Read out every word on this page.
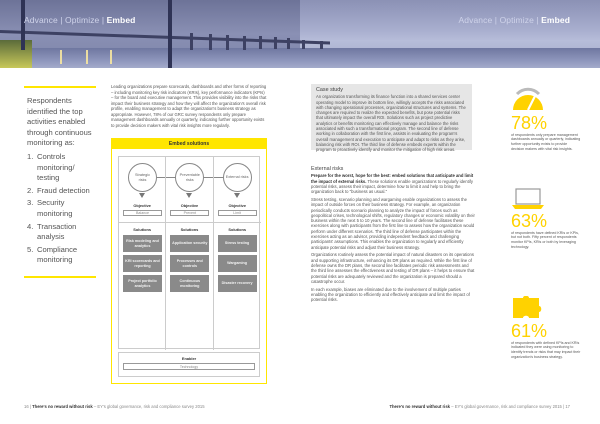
Advance | Optimize | Embed	Advance | Optimize | Embed
Respondents identified the top activities enabled through continuous monitoring as:
1. Controls monitoring/ testing
2. Fraud detection
3. Security monitoring
4. Transaction analysis
5. Compliance monitoring
Leading organizations prepare scorecards, dashboards and other forms of reporting – including monitoring key risk indicators (KRIs), key performance indicators (KPIs) – for the board and executive management. This provides visibility into the risks that impact their business strategy and how they will affect the organization's overall risk profile, enabling management to adapt the organization's business strategy as appropriate. However, 78% of our GRC survey respondents only prepare management dashboards annually or quarterly, indicating further opportunity exists to provide decision makers with vital risk insights more regularly.
Embed solutions
Strategic risks
Objective
Balance
Solutions
Risk modeling and analytics
KRI scorecards and reporting
Project portfolio analytics
Preventable risks
Objective
Prevent
Solutions
Application security
Processes and controls
Continuous monitoring
External risks
Objective
Limit
Solutions
Stress testing
Wargaming
Disaster recovery
Enabler
Technology
Case study
An organization transforming its finance function into a shared services center operating model to improve its bottom line, willingly accepts the risks associated with changing operational processes, organizational structures and systems. The changes are required to realize the expected benefits, but pose potential risks that ultimately impact the overall ROI. Solutions such as project predictive analytics or benefits monitoring can effectively manage and balance the risks associated with such a transformational program. The second line of defense working in collaboration with the first line, assists in evaluating the program's overall management and execution to anticipate and adapt to risks as they arise, balancing risk with ROI. The third line of defense embeds experts within the program to proactively identify and monitor the mitigation of high risk areas.
External risks

Prepare for the worst, hope for the best: embed solutions that anticipate and limit the impact of external risks. These solutions enable organizations to regularly identify potential risks, assess their impact, determine how to limit it and help to bring the organization back to "business as usual."

Stress testing, scenario planning and wargaming enable organizations to assess the impact of outside forces on their business strategy. For example, an organization periodically conducts scenario planning to analyze the impact of forces such as geopolitical crises, technological shifts, regulatory changes or economic volatility on their business within the next 5 to 10 years. The second line of defense facilitates these exercises along with participants from the first line to assess how the organization would perform under different scenarios. The third line of defense participates within the exercises acting as an advisor, providing independent feedback and challenging participants' assumptions. This enables the organization to regularly and efficiently anticipate potential risks and adjust their business strategy.

Organizations routinely assess the potential impact of natural disasters on its operations and supporting infrastructure, enhancing its DR plans as required. While the first line of defense owns the DR plans, the second line facilitates periodic risk assessments and the third line assesses the effectiveness and testing of DR plans – it helps to ensure that potential risks are adequately reviewed and the organization is prepared should a catastrophe occur.

In each example, biases are eliminated due to the involvement of multiple parties enabling the organization to efficiently and effectively anticipate and limit the impact of potential risks.

78%
of respondents only prepare management dashboards annually or quarterly, indicating further opportunity exists to provide decision makers with vital risk insights.
63%
of respondents have defined KRIs or KPIs, but not both. Fifty percent of respondents monitor KPIs, KRIs or both by leveraging technology.
61%
of respondents with defined KPIs and KRIs indicated they were using monitoring to identify trends or risks that may impact their organization's business strategy.
16 | There's no reward without risk – EY's global governance, risk and compliance survey 2015	There's no reward without risk – EY's global governance, risk and compliance survey 2015 | 17
